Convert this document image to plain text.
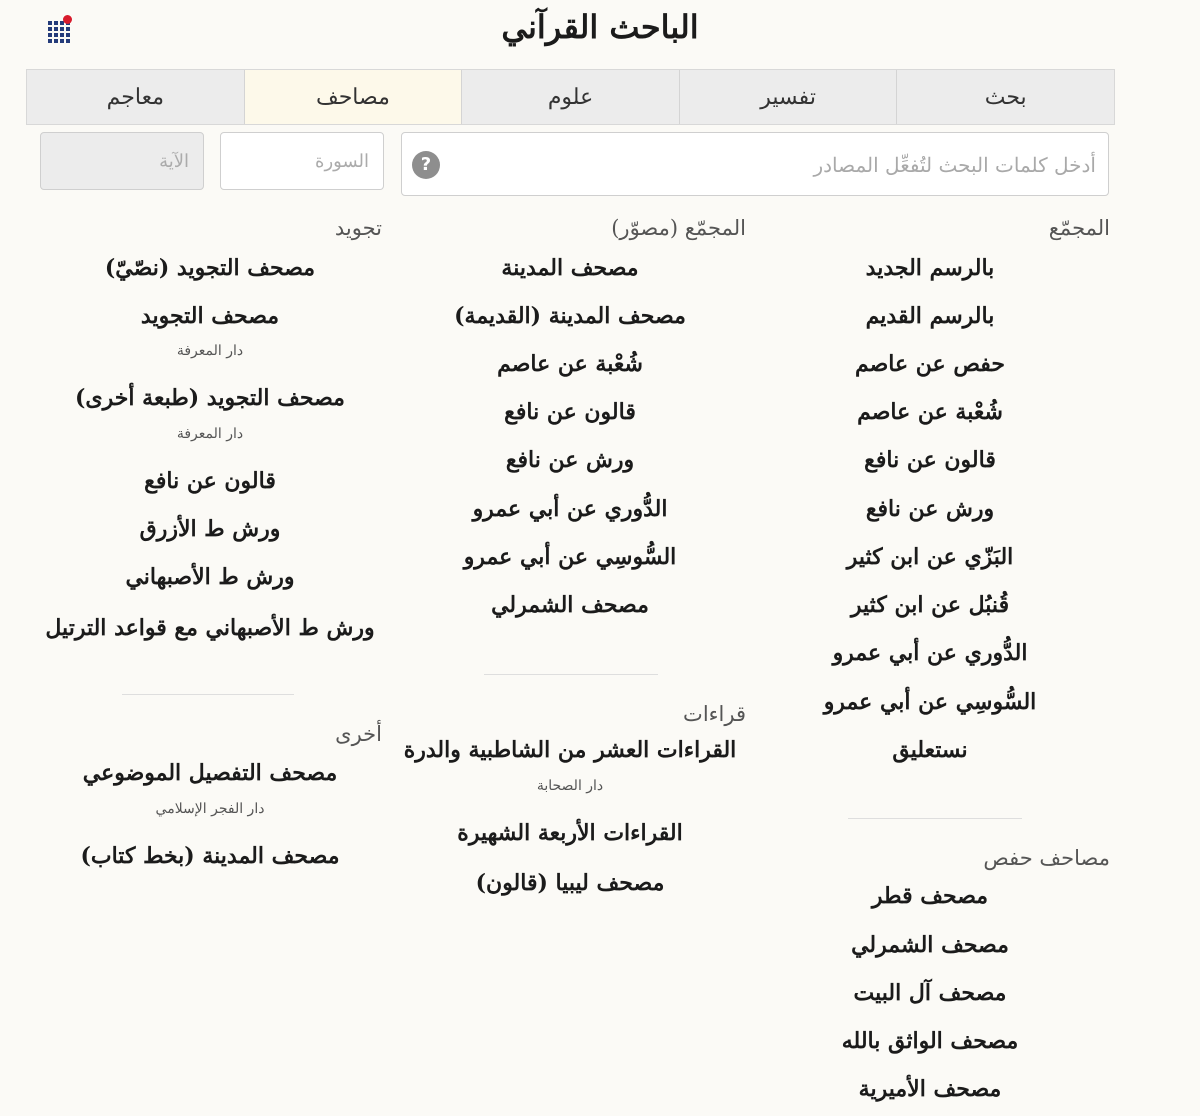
الباحث القرآني
بحث
تفسير
علوم
مصاحف
معاجم
أدخل كلمات البحث لتُفعِّل المصادر
?
السورة
الآية
المجمّع
المجمّع (مصوّر)
تجويد
قراءات
أخرى
مصاحف حفص
بالرسم الجديد
بالرسم القديم
حفص عن عاصم
شُعْبة عن عاصم
قالون عن نافع
ورش عن نافع
البَزّي عن ابن كثير
قُنبُل عن ابن كثير
الدُّوري عن أبي عمرو
السُّوسِي عن أبي عمرو
نستعليق
مصحف قطر
مصحف الشمرلي
مصحف آل البيت
مصحف الواثق بالله
مصحف الأميرية
مصحف المدينة
مصحف المدينة (القديمة)
شُعْبة عن عاصم
قالون عن نافع
ورش عن نافع
الدُّوري عن أبي عمرو
السُّوسِي عن أبي عمرو
مصحف الشمرلي
القراءات العشر من الشاطبية والدرة
دار الصحابة
القراءات الأربعة الشهيرة
مصحف ليبيا (قالون)
مصحف التجويد (نصّيّ)
مصحف التجويد
دار المعرفة
مصحف التجويد (طبعة أخرى)
دار المعرفة
قالون عن نافع
ورش ط الأزرق
ورش ط الأصبهاني
ورش ط الأصبهاني مع قواعد الترتيل
مصحف التفصيل الموضوعي
دار الفجر الإسلامي
مصحف المدينة (بخط كتاب)
